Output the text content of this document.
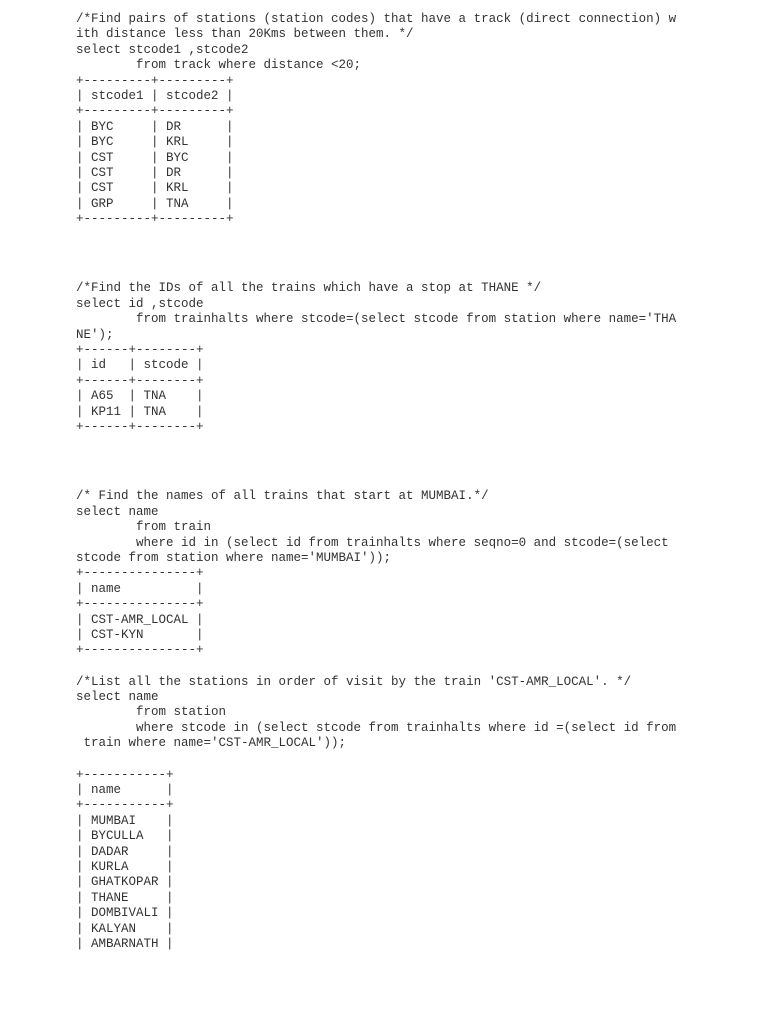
/*Find pairs of stations (station codes) that have a track (direct connection) w
ith distance less than 20Kms between them. */
select stcode1 ,stcode2
from track where distance <20;
+---------+---------+
| stcode1 | stcode2 |
+---------+---------+
| BYC     | DR      |
| BYC     | KRL     |
| CST     | BYC     |
| CST     | DR      |
| CST     | KRL     |
| GRP     | TNA     |
+---------+---------+
/*Find the IDs of all the trains which have a stop at THANE */
select id ,stcode
from trainhalts where stcode=(select stcode from station where name='THA
NE');
+------+--------+
| id   | stcode |
+------+--------+
| A65  | TNA    |
| KP11 | TNA    |
+------+--------+
/* Find the names of all trains that start at MUMBAI.*/
select name
from train
where id in (select id from trainhalts where seqno=0 and stcode=(select
stcode from station where name='MUMBAI'));
+---------------+
| name          |
+---------------+
| CST-AMR_LOCAL |
| CST-KYN       |
+---------------+
/*List all the stations in order of visit by the train 'CST-AMR_LOCAL'. */
select name
from station
where stcode in (select stcode from trainhalts where id =(select id from
train where name='CST-AMR_LOCAL'));
+-----------+
| name      |
+-----------+
| MUMBAI    |
| BYCULLA   |
| DADAR     |
| KURLA     |
| GHATKOPAR |
| THANE     |
| DOMBIVALI |
| KALYAN    |
| AMBARNATH |
